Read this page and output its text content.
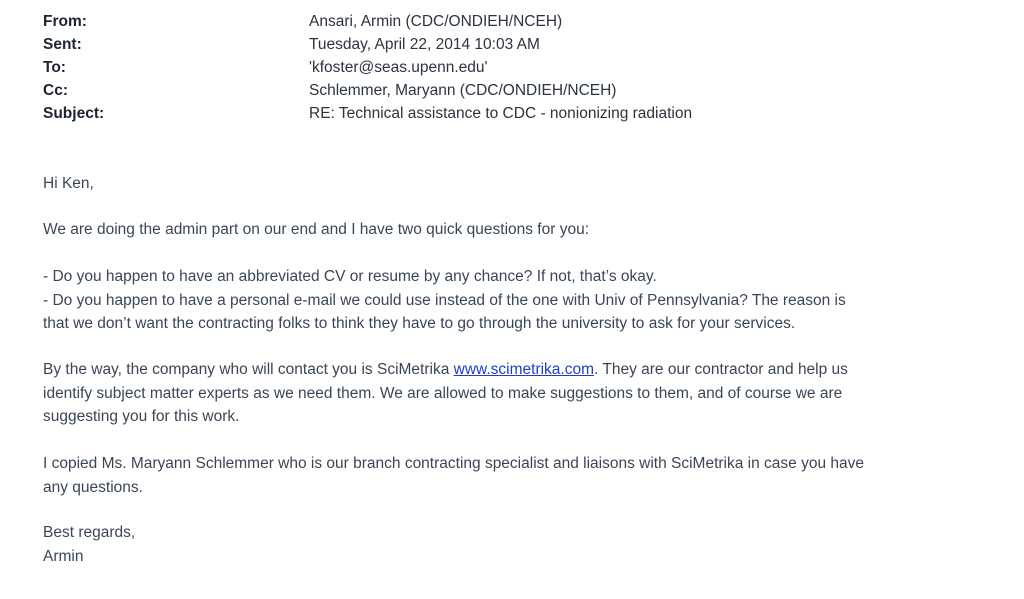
From:	Ansari, Armin (CDC/ONDIEH/NCEH)
Sent:	Tuesday, April 22, 2014 10:03 AM
To:	'kfoster@seas.upenn.edu'
Cc:	Schlemmer, Maryann (CDC/ONDIEH/NCEH)
Subject:	RE: Technical assistance to CDC - nonionizing radiation

Hi Ken,

We are doing the admin part on our end and I have two quick questions for you:

- Do you happen to have an abbreviated CV or resume by any chance? If not, that’s okay.

- Do you happen to have a personal e-mail we could use instead of the one with Univ of Pennsylvania? The reason is

that we don’t want the contracting folks to think they have to go through the university to ask for your services.

By the way, the company who will contact you is SciMetrika www.scimetrika.com. They are our contractor and help us

identify subject matter experts as we need them. We are allowed to make suggestions to them, and of course we are

suggesting you for this work.

I copied Ms. Maryann Schlemmer who is our branch contracting specialist and liaisons with SciMetrika in case you have

any questions.

Best regards,

Armin
